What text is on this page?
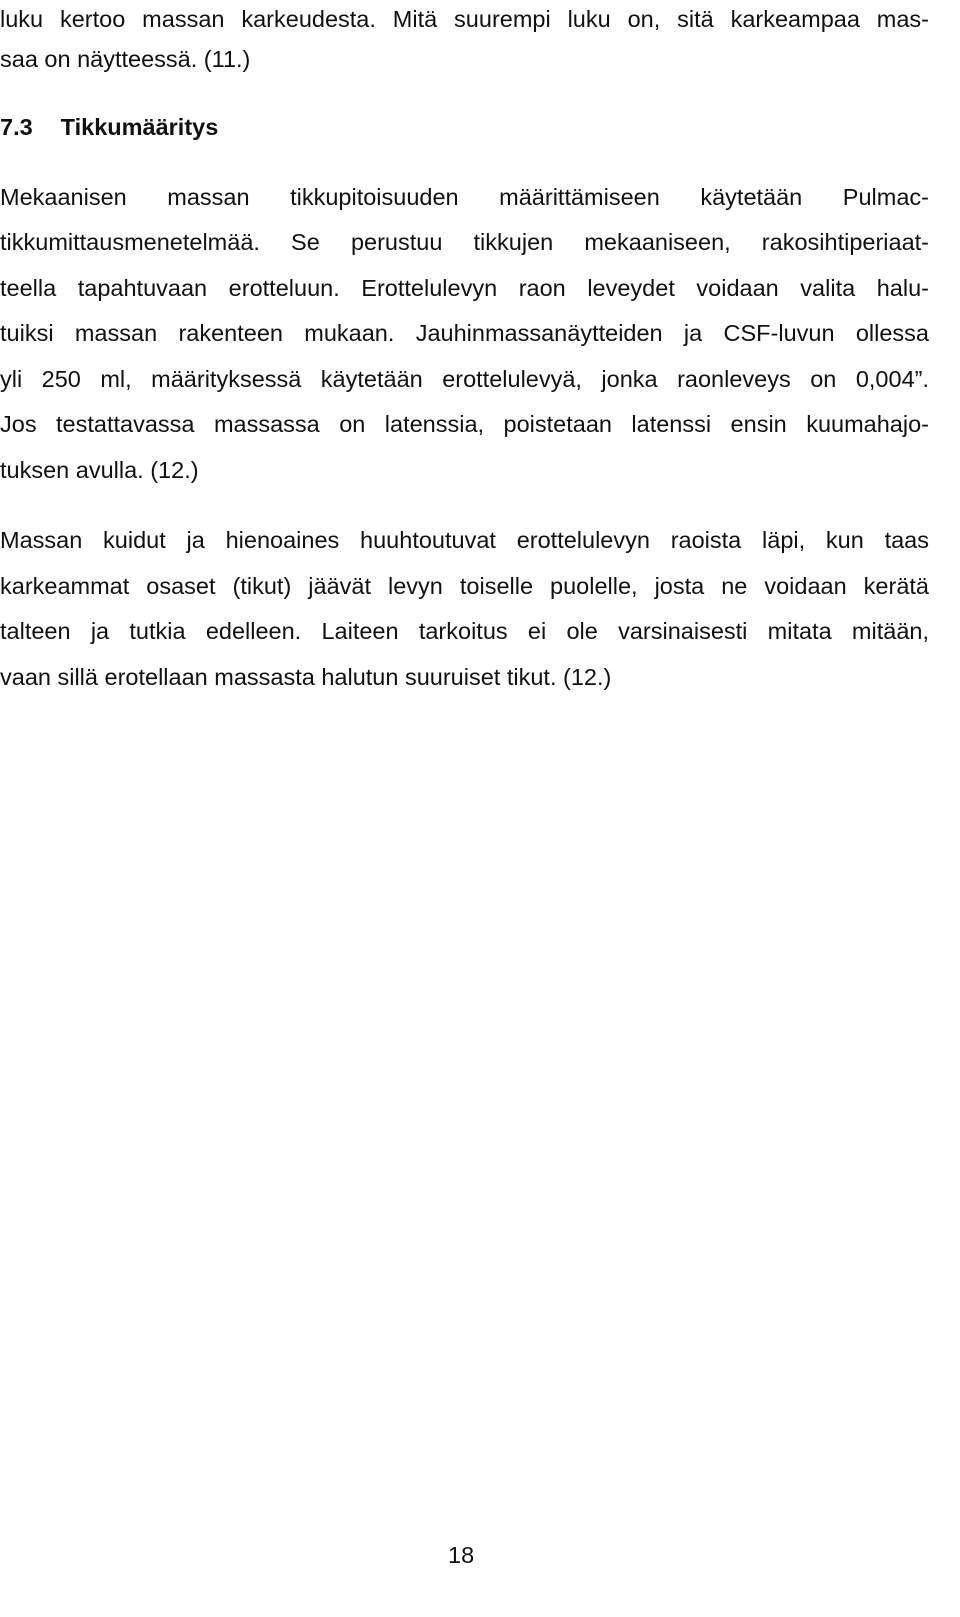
luku kertoo massan karkeudesta. Mitä suurempi luku on, sitä karkeampaa mas-
saa on näytteessä. (11.)
7.3 Tikkumääritys
Mekaanisen massan tikkupitoisuuden määrittämiseen käytetään Pulmac-
tikkumittausmenetelmää. Se perustuu tikkujen mekaaniseen, rakosihtiperiaat-
teella tapahtuvaan erotteluun. Erottelulevyn raon leveydet voidaan valita halu-
tuiksi massan rakenteen mukaan. Jauhinmassanäytteiden ja CSF-luvun ollessa
yli 250 ml, määrityksessä käytetään erottelulevyä, jonka raonleveys on 0,004”.
Jos testattavassa massassa on latenssia, poistetaan latenssi ensin kuumahajo-
tuksen avulla. (12.)
Massan kuidut ja hienoaines huuhtoutuvat erottelulevyn raoista läpi, kun taas
karkeammat osaset (tikut) jäävät levyn toiselle puolelle, josta ne voidaan kerätä
talteen ja tutkia edelleen. Laiteen tarkoitus ei ole varsinaisesti mitata mitään,
vaan sillä erotellaan massasta halutun suuruiset tikut. (12.)
18
